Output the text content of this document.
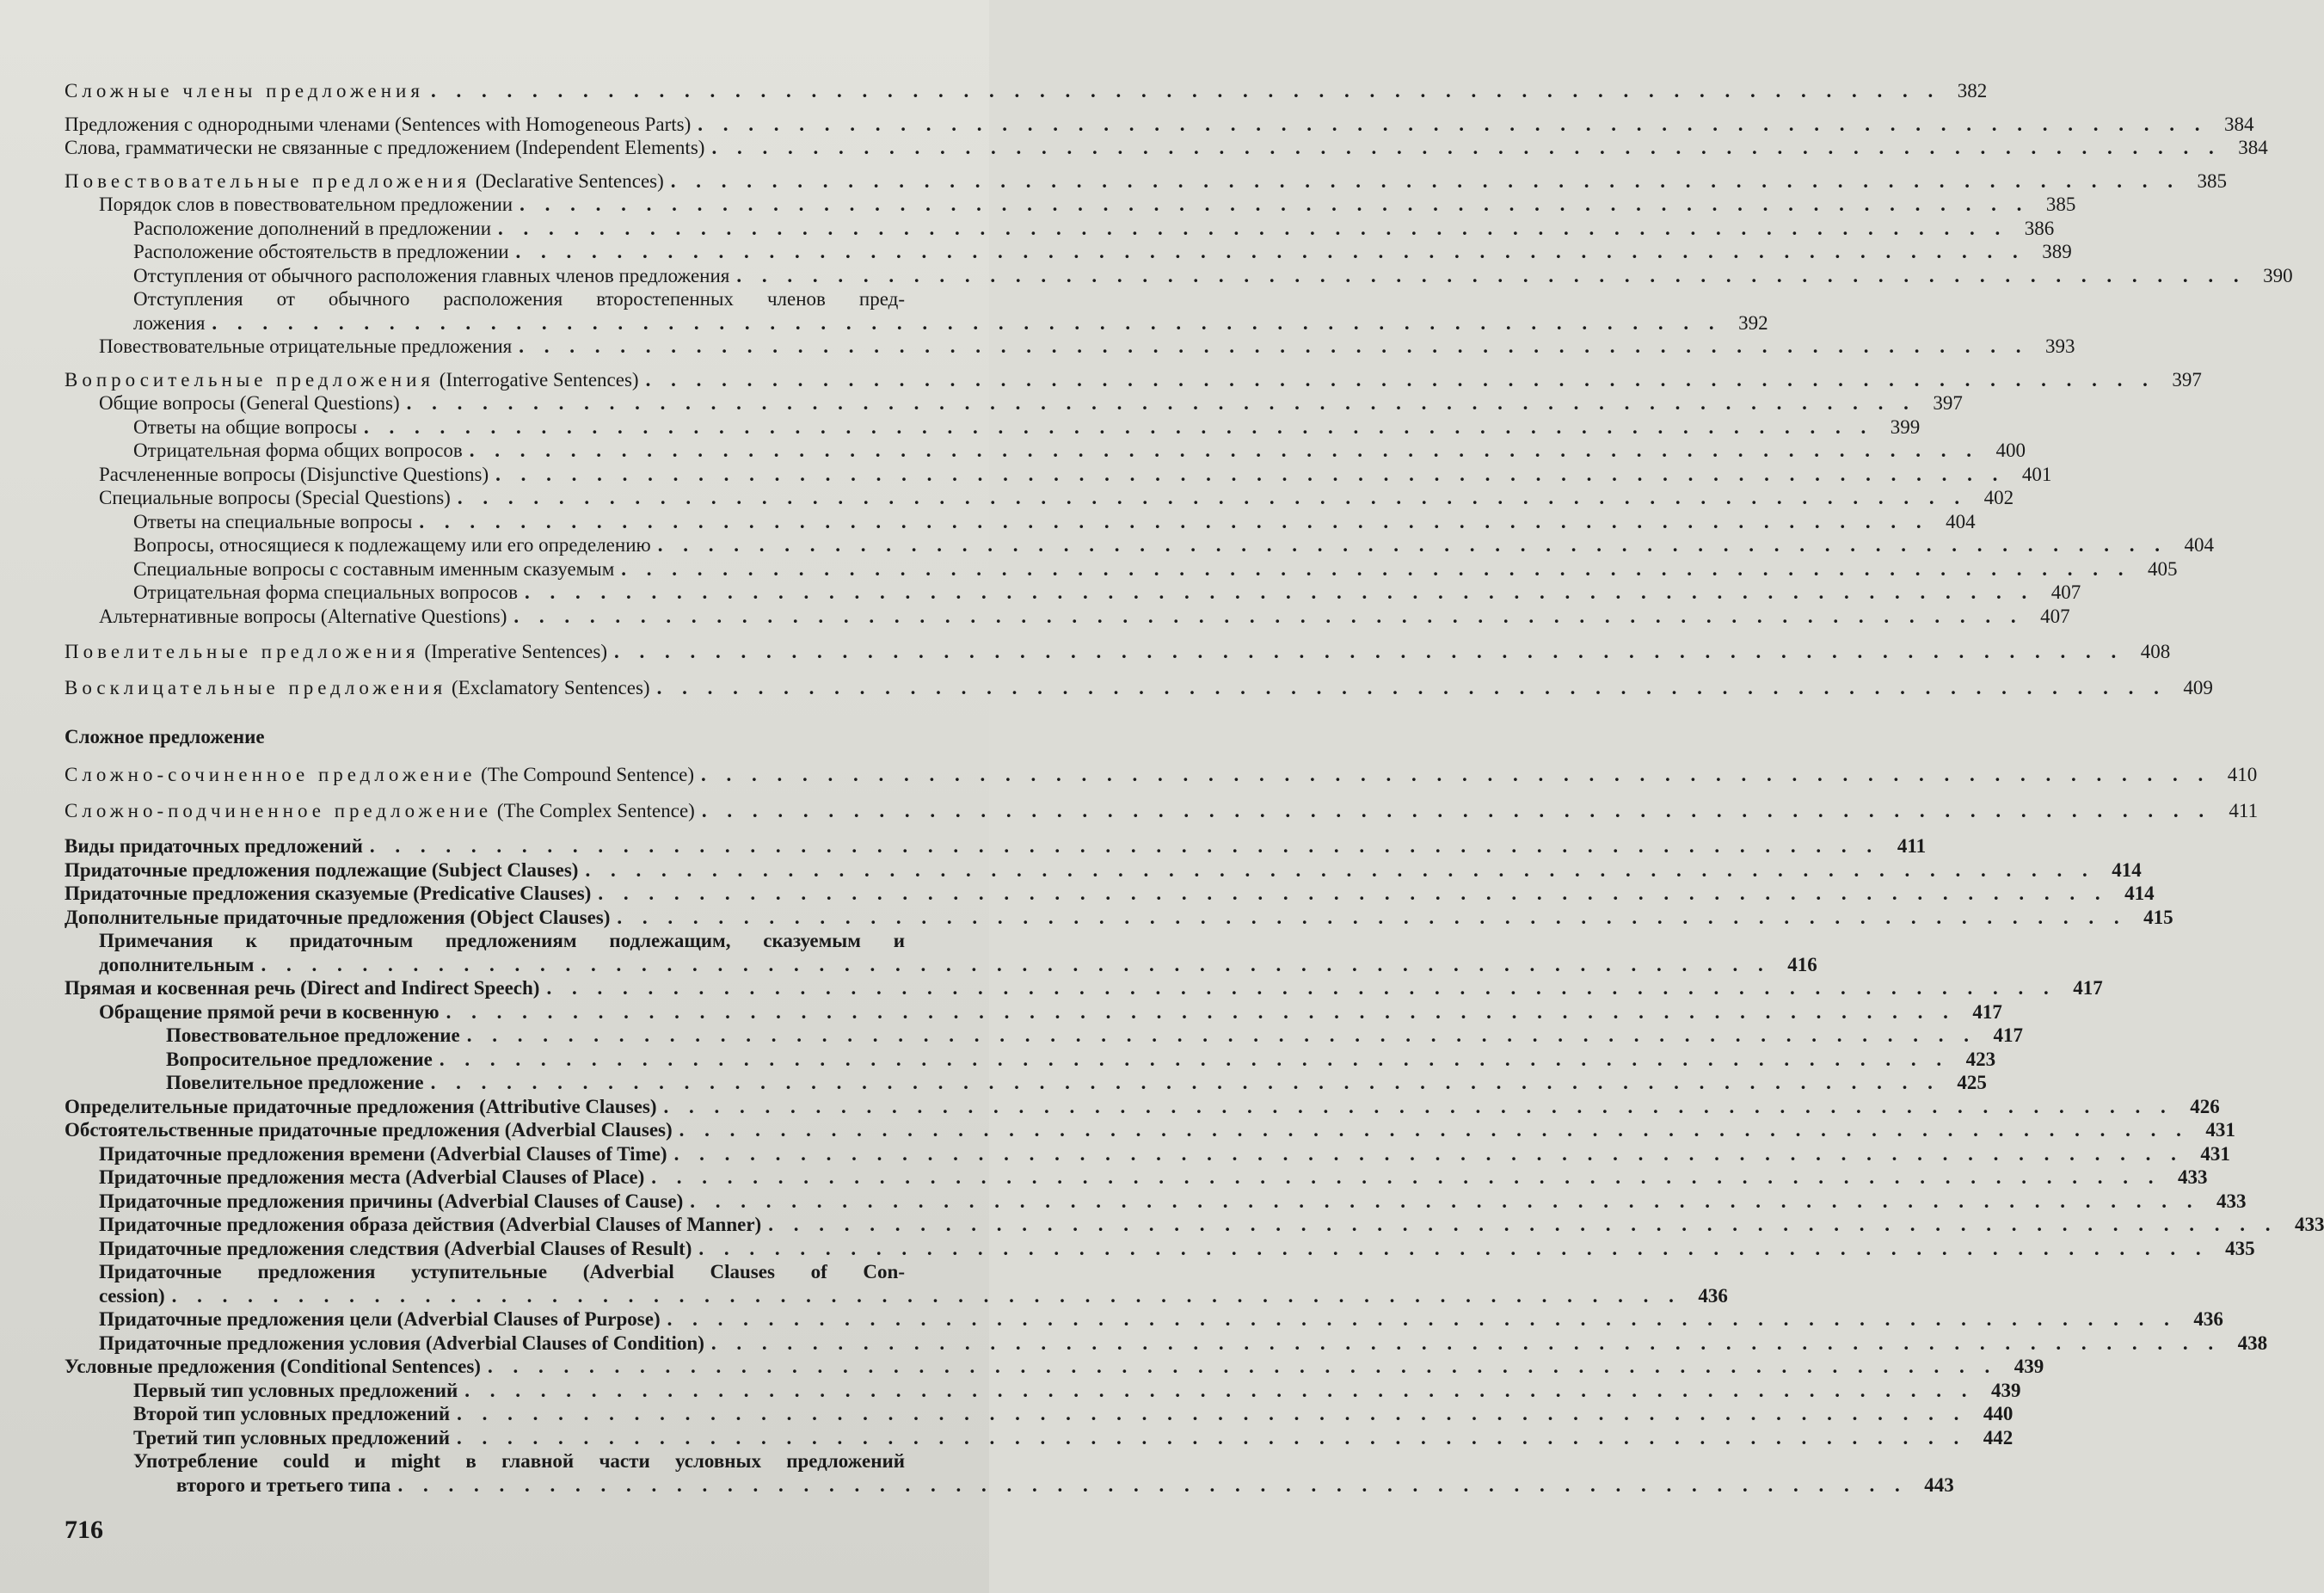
Сложные члены предложения . . . . . . . . . . . . . . . . . . . . . . . . . . . . . . . . . . . . . . . . . . . . . . . . . . . . . . . . . . . . 382
Предложения с однородными членами (Sentences with Homogeneous Parts) . . . . . . . . . . . . . . . . . . . . . . . . . . . . . . . . . . . . . . . . . . . . . . . . . . . . . . . . . . . . 384
Слова, грамматически не связанные с предложением (Independent Elements) . . . . . . . . . . . . . . . . . . . . . . . . . . . . . . . . . . . . . . . . . . . . . . . . . . . . . . . . . . . . 384
Повествовательные предложения (Declarative Sentences) . . . . . . . . . . . . . . . . . . . . . . . . . . . . . . . . . . . . . . . . . . . . . . . . . . . . . . . . . . . . 385
Порядок слов в повествовательном предложении . . . . . . . . . . . . . . . . . . . . . . . . . . . . . . . . . . . . . . . . . . . . . . . . . . . . . . . . . . . . 385
Расположение дополнений в предложении . . . . . . . . . . . . . . . . . . . . . . . . . . . . . . . . . . . . . . . . . . . . . . . . . . . . . . . . . . . . 386
Расположение обстоятельств в предложении . . . . . . . . . . . . . . . . . . . . . . . . . . . . . . . . . . . . . . . . . . . . . . . . . . . . . . . . . . . . 389
Отступления от обычного расположения главных членов предложения . . . . . . . . . . . . . . . . . . . . . . . . . . . . . . . . . . . . . . . . . . . . . . . . . . . . . . . . . . . . 390
Отступления от обычного расположения второстепенных членов пред-
ложения . . . . . . . . . . . . . . . . . . . . . . . . . . . . . . . . . . . . . . . . . . . . . . . . . . . . . . . . . . . . 392
Повествовательные отрицательные предложения . . . . . . . . . . . . . . . . . . . . . . . . . . . . . . . . . . . . . . . . . . . . . . . . . . . . . . . . . . . . 393
Вопросительные предложения (Interrogative Sentences) . . . . . . . . . . . . . . . . . . . . . . . . . . . . . . . . . . . . . . . . . . . . . . . . . . . . . . . . . . . . 397
Общие вопросы (General Questions) . . . . . . . . . . . . . . . . . . . . . . . . . . . . . . . . . . . . . . . . . . . . . . . . . . . . . . . . . . . . 397
Ответы на общие вопросы . . . . . . . . . . . . . . . . . . . . . . . . . . . . . . . . . . . . . . . . . . . . . . . . . . . . . . . . . . . . 399
Отрицательная форма общих вопросов . . . . . . . . . . . . . . . . . . . . . . . . . . . . . . . . . . . . . . . . . . . . . . . . . . . . . . . . . . . . 400
Расчлененные вопросы (Disjunctive Questions) . . . . . . . . . . . . . . . . . . . . . . . . . . . . . . . . . . . . . . . . . . . . . . . . . . . . . . . . . . . . 401
Специальные вопросы (Special Questions) . . . . . . . . . . . . . . . . . . . . . . . . . . . . . . . . . . . . . . . . . . . . . . . . . . . . . . . . . . . . 402
Ответы на специальные вопросы . . . . . . . . . . . . . . . . . . . . . . . . . . . . . . . . . . . . . . . . . . . . . . . . . . . . . . . . . . . . 404
Вопросы, относящиеся к подлежащему или его определению . . . . . . . . . . . . . . . . . . . . . . . . . . . . . . . . . . . . . . . . . . . . . . . . . . . . . . . . . . . . 404
Специальные вопросы с составным именным сказуемым . . . . . . . . . . . . . . . . . . . . . . . . . . . . . . . . . . . . . . . . . . . . . . . . . . . . . . . . . . . . 405
Отрицательная форма специальных вопросов . . . . . . . . . . . . . . . . . . . . . . . . . . . . . . . . . . . . . . . . . . . . . . . . . . . . . . . . . . . . 407
Альтернативные вопросы (Alternative Questions) . . . . . . . . . . . . . . . . . . . . . . . . . . . . . . . . . . . . . . . . . . . . . . . . . . . . . . . . . . . . 407
Повелительные предложения (Imperative Sentences) . . . . . . . . . . . . . . . . . . . . . . . . . . . . . . . . . . . . . . . . . . . . . . . . . . . . . . . . . . . . 408
Восклицательные предложения (Exclamatory Sentences) . . . . . . . . . . . . . . . . . . . . . . . . . . . . . . . . . . . . . . . . . . . . . . . . . . . . . . . . . . . . 409
Сложное предложение
Сложно-сочиненное предложение (The Compound Sentence) . . . . . . . . . . . . . . . . . . . . . . . . . . . . . . . . . . . . . . . . . . . . . . . . . . . . . . . . . . . . 410
Сложно-подчиненное предложение (The Complex Sentence) . . . . . . . . . . . . . . . . . . . . . . . . . . . . . . . . . . . . . . . . . . . . . . . . . . . . . . . . . . . . 411
Виды придаточных предложений . . . . . . . . . . . . . . . . . . . . . . . . . . . . . . . . . . . . . . . . . . . . . . . . . . . . . . . . . . . . 411
Придаточные предложения подлежащие (Subject Clauses) . . . . . . . . . . . . . . . . . . . . . . . . . . . . . . . . . . . . . . . . . . . . . . . . . . . . . . . . . . . . 414
Придаточные предложения сказуемые (Predicative Clauses) . . . . . . . . . . . . . . . . . . . . . . . . . . . . . . . . . . . . . . . . . . . . . . . . . . . . . . . . . . . . 414
Дополнительные придаточные предложения (Object Clauses) . . . . . . . . . . . . . . . . . . . . . . . . . . . . . . . . . . . . . . . . . . . . . . . . . . . . . . . . . . . . 415
Примечания к придаточным предложениям подлежащим, сказуемым и
дополнительным . . . . . . . . . . . . . . . . . . . . . . . . . . . . . . . . . . . . . . . . . . . . . . . . . . . . . . . . . . . . 416
Прямая и косвенная речь (Direct and Indirect Speech) . . . . . . . . . . . . . . . . . . . . . . . . . . . . . . . . . . . . . . . . . . . . . . . . . . . . . . . . . . . . 417
Обращение прямой речи в косвенную . . . . . . . . . . . . . . . . . . . . . . . . . . . . . . . . . . . . . . . . . . . . . . . . . . . . . . . . . . . . 417
Повествовательное предложение . . . . . . . . . . . . . . . . . . . . . . . . . . . . . . . . . . . . . . . . . . . . . . . . . . . . . . . . . . . . 417
Вопросительное предложение . . . . . . . . . . . . . . . . . . . . . . . . . . . . . . . . . . . . . . . . . . . . . . . . . . . . . . . . . . . . 423
Повелительное предложение . . . . . . . . . . . . . . . . . . . . . . . . . . . . . . . . . . . . . . . . . . . . . . . . . . . . . . . . . . . . 425
Определительные придаточные предложения (Attributive Clauses) . . . . . . . . . . . . . . . . . . . . . . . . . . . . . . . . . . . . . . . . . . . . . . . . . . . . . . . . . . . . 426
Обстоятельственные придаточные предложения (Adverbial Clauses) . . . . . . . . . . . . . . . . . . . . . . . . . . . . . . . . . . . . . . . . . . . . . . . . . . . . . . . . . . . . 431
Придаточные предложения времени (Adverbial Clauses of Time) . . . . . . . . . . . . . . . . . . . . . . . . . . . . . . . . . . . . . . . . . . . . . . . . . . . . . . . . . . . . 431
Придаточные предложения места (Adverbial Clauses of Place) . . . . . . . . . . . . . . . . . . . . . . . . . . . . . . . . . . . . . . . . . . . . . . . . . . . . . . . . . . . . 433
Придаточные предложения причины (Adverbial Clauses of Cause) . . . . . . . . . . . . . . . . . . . . . . . . . . . . . . . . . . . . . . . . . . . . . . . . . . . . . . . . . . . . 433
Придаточные предложения образа действия (Adverbial Clauses of Manner) . . . . . . . . . . . . . . . . . . . . . . . . . . . . . . . . . . . . . . . . . . . . . . . . . . . . . . . . . . . . 433
Придаточные предложения следствия (Adverbial Clauses of Result) . . . . . . . . . . . . . . . . . . . . . . . . . . . . . . . . . . . . . . . . . . . . . . . . . . . . . . . . . . . . 435
Придаточные предложения уступительные (Adverbial Clauses of Con-
cession) . . . . . . . . . . . . . . . . . . . . . . . . . . . . . . . . . . . . . . . . . . . . . . . . . . . . . . . . . . . . 436
Придаточные предложения цели (Adverbial Clauses of Purpose) . . . . . . . . . . . . . . . . . . . . . . . . . . . . . . . . . . . . . . . . . . . . . . . . . . . . . . . . . . . . 436
Придаточные предложения условия (Adverbial Clauses of Condition) . . . . . . . . . . . . . . . . . . . . . . . . . . . . . . . . . . . . . . . . . . . . . . . . . . . . . . . . . . . . 438
Условные предложения (Conditional Sentences) . . . . . . . . . . . . . . . . . . . . . . . . . . . . . . . . . . . . . . . . . . . . . . . . . . . . . . . . . . . . 439
Первый тип условных предложений . . . . . . . . . . . . . . . . . . . . . . . . . . . . . . . . . . . . . . . . . . . . . . . . . . . . . . . . . . . . 439
Второй тип условных предложений . . . . . . . . . . . . . . . . . . . . . . . . . . . . . . . . . . . . . . . . . . . . . . . . . . . . . . . . . . . . 440
Третий тип условных предложений . . . . . . . . . . . . . . . . . . . . . . . . . . . . . . . . . . . . . . . . . . . . . . . . . . . . . . . . . . . . 442
Употребление could и might в главной части условных предложений
второго и третьего типа . . . . . . . . . . . . . . . . . . . . . . . . . . . . . . . . . . . . . . . . . . . . . . . . . . . . . . . . . . . . 443
716
